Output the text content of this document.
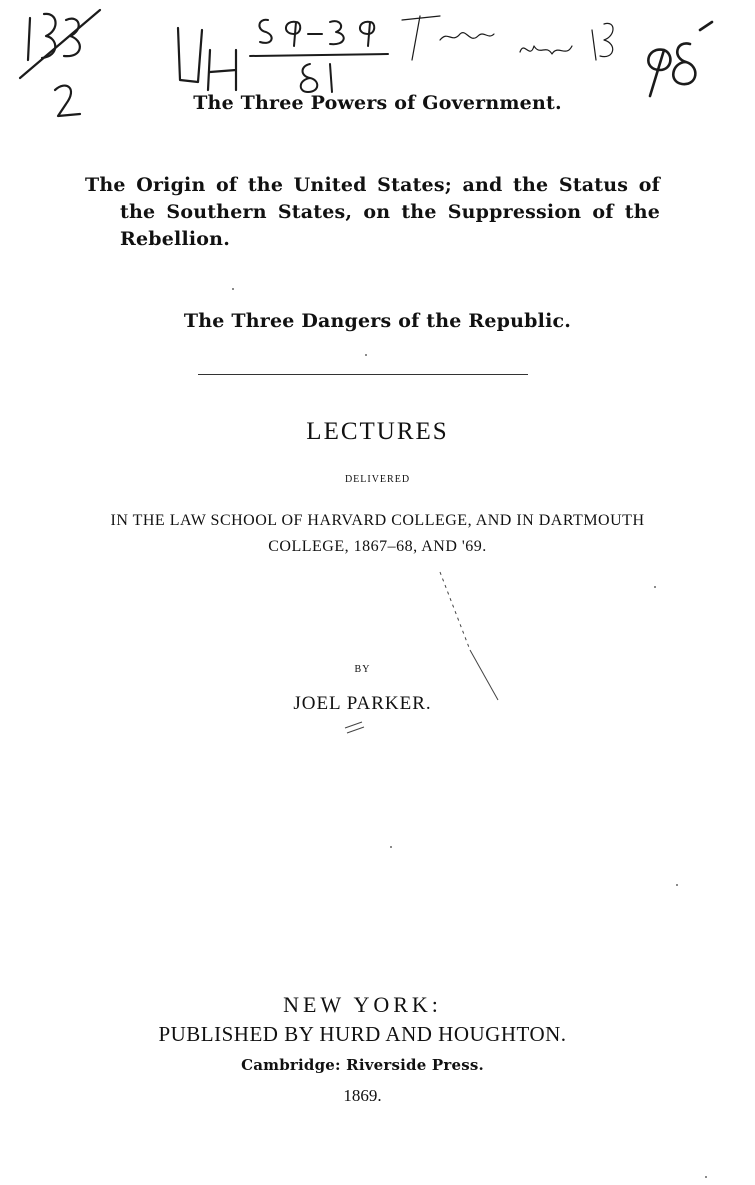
The Three Powers of Government.
The Origin of the United States; and the Status of the Southern States, on the Suppression of the Rebellion.
The Three Dangers of the Republic.
LECTURES
DELIVERED
IN THE LAW SCHOOL OF HARVARD COLLEGE, AND IN DARTMOUTH COLLEGE, 1867–68, AND '69.
BY
JOEL PARKER.
NEW YORK:
PUBLISHED BY HURD AND HOUGHTON.
Cambridge: Riverside Press.
1869.
